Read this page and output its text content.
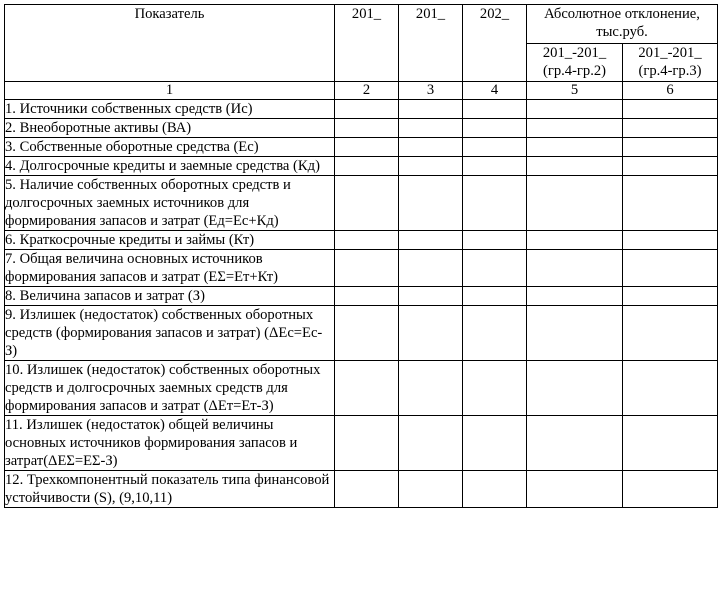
Показатель	201_	201_	202_	Абсолютное отклонение, тыс.руб.	
				201_-201_ (гр.4-гр.2)	201_-201_ (гр.4-гр.3)
1	2	3	4	5	6
1. Источники собственных средств (Ис)					
2. Внеоборотные активы (ВА)					
3. Собственные оборотные средства (Ес)					
4. Долгосрочные кредиты и заемные средства (Кд)					
5. Наличие собственных оборотных средств и долгосрочных заемных источников для формирования запасов и затрат (Ед=Ес+Кд)					
6. Краткосрочные кредиты и займы (Кт)					
7. Общая величина основных источников формирования запасов и затрат (EΣ=Ет+Кт)					
8. Величина запасов и затрат (З)					
9. Излишек (недостаток) собственных оборотных средств (формирования запасов и затрат) (ΔЕс=Ес-З)					
10. Излишек (недостаток) собственных оборотных средств и долгосрочных заемных средств для формирования запасов и затрат (ΔЕт=Ет-З)					
11. Излишек (недостаток) общей величины основных источников формирования запасов и затрат(ΔЕΣ=ЕΣ-З)					
12. Трехкомпонентный показатель типа финансовой устойчивости (S), (9,10,11)					
